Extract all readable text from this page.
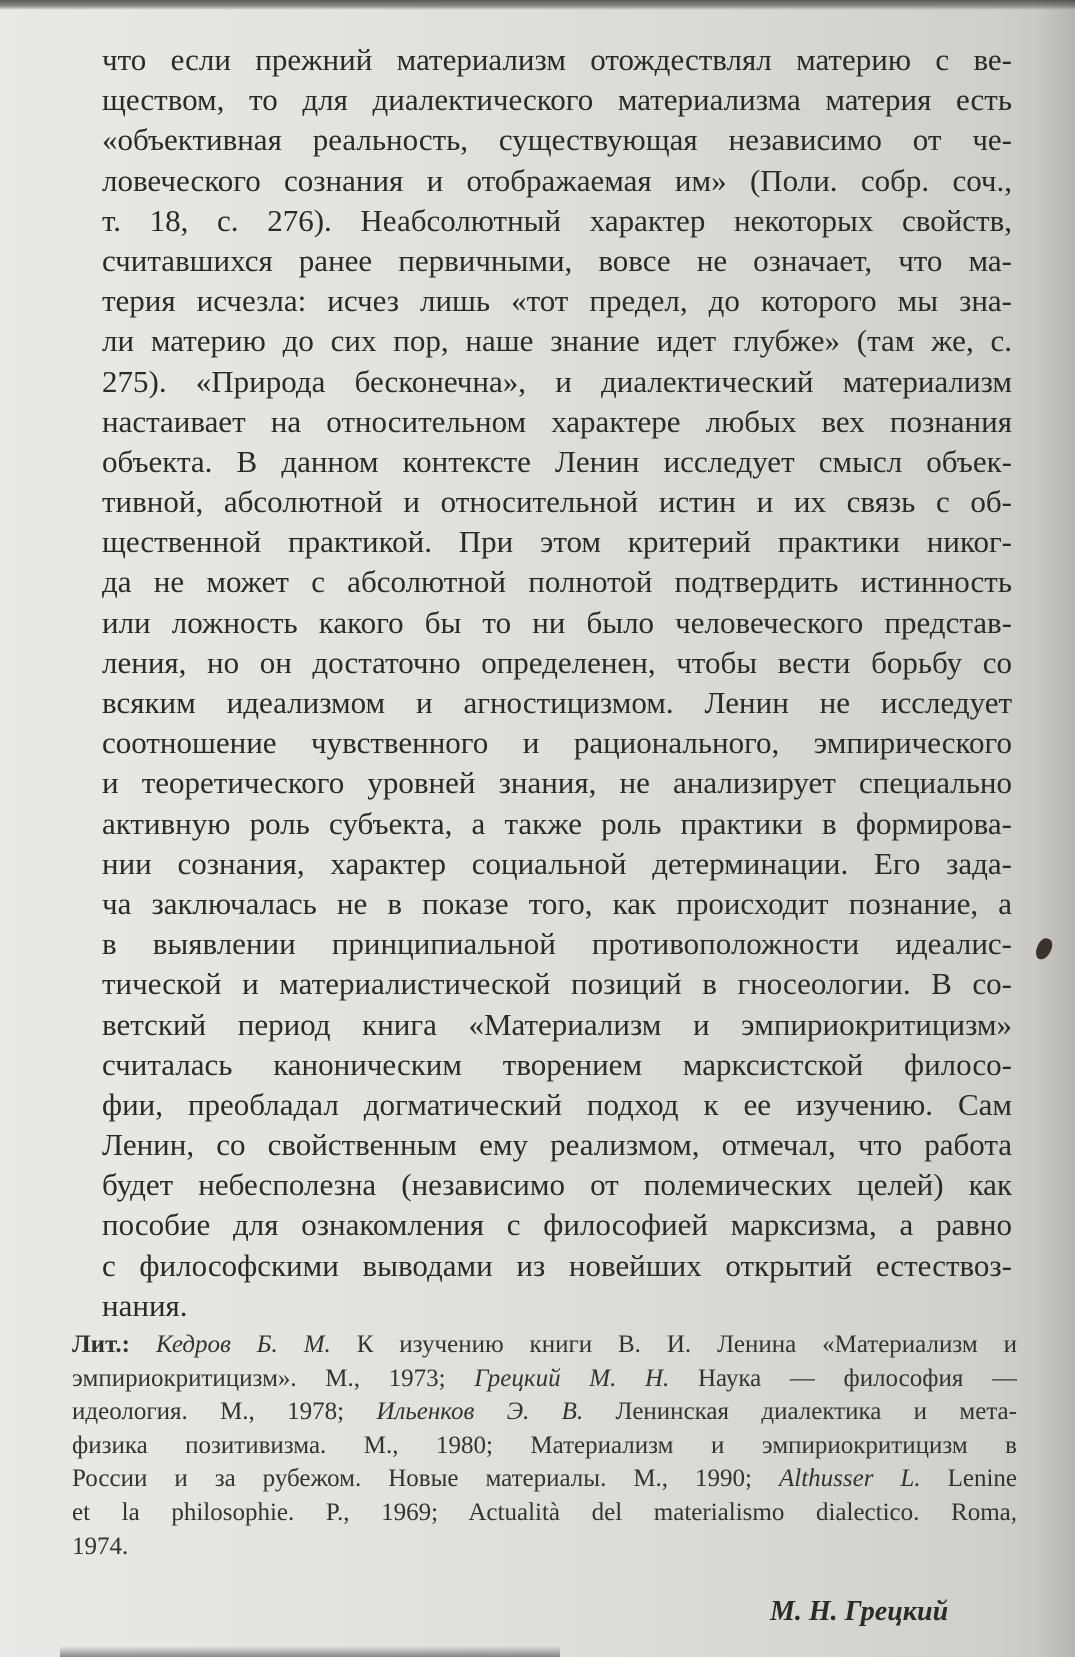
что если прежний материализм отождествлял материю с ве-
ществом, то для диалектического материализма материя есть
«объективная реальность, существующая независимо от че-
ловеческого сознания и отображаемая им» (Поли. собр. соч.,
т. 18, с. 276). Неабсолютный характер некоторых свойств,
считавшихся ранее первичными, вовсе не означает, что ма-
терия исчезла: исчез лишь «тот предел, до которого мы зна-
ли материю до сих пор, наше знание идет глубже» (там же, с.
275). «Природа бесконечна», и диалектический материализм
настаивает на относительном характере любых вех познания
объекта. В данном контексте Ленин исследует смысл объек-
тивной, абсолютной и относительной истин и их связь с об-
щественной практикой. При этом критерий практики никог-
да не может с абсолютной полнотой подтвердить истинность
или ложность какого бы то ни было человеческого представ-
ления, но он достаточно определенен, чтобы вести борьбу со
всяким идеализмом и агностицизмом. Ленин не исследует
соотношение чувственного и рационального, эмпирического
и теоретического уровней знания, не анализирует специально
активную роль субъекта, а также роль практики в формирова-
нии сознания, характер социальной детерминации. Его зада-
ча заключалась не в показе того, как происходит познание, а
в выявлении принципиальной противоположности идеалис-
тической и материалистической позиций в гносеологии. В со-
ветский период книга «Материализм и эмпириокритицизм»
считалась каноническим творением марксистской филосо-
фии, преобладал догматический подход к ее изучению. Сам
Ленин, со свойственным ему реализмом, отмечал, что работа
будет небесполезна (независимо от полемических целей) как
пособие для ознакомления с философией марксизма, а равно
с философскими выводами из новейших открытий естествоз-
нания.
Лит.: Кедров Б. М. К изучению книги В. И. Ленина «Материализм и
эмпириокритицизм». М., 1973; Грецкий М. Н. Наука — философия —
идеология. М., 1978; Ильенков Э. В. Ленинская диалектика и мета-
физика позитивизма. М., 1980; Материализм и эмпириокритицизм в
России и за рубежом. Новые материалы. М., 1990; Althusser L. Lenine
et la philosophie. P., 1969; Actualità del materialismo dialectico. Roma,
1974.
М. Н. Грецкий
